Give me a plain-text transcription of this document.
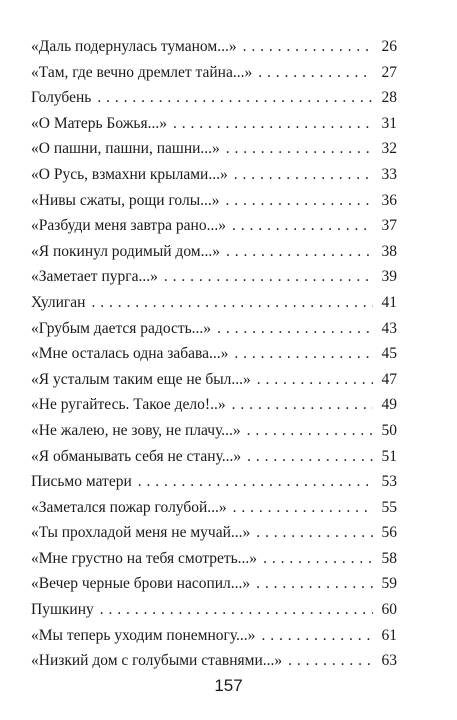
«Даль подернулась туманом...» . . .	26
«Там, где вечно дремлет тайна...» . . .	27
Голубень . . .	28
«О Матерь Божья...» . . .	31
«О пашни, пашни, пашни...» . . .	32
«О Русь, взмахни крылами...» . . .	33
«Нивы сжаты, рощи голы...» . . .	36
«Разбуди меня завтра рано...» . . .	37
«Я покинул родимый дом...» . . .	38
«Заметает пурга...» . . .	39
Хулиган . . .	41
«Грубым дается радость...» . . .	43
«Мне осталась одна забава...» . . .	45
«Я усталым таким еще не был...» . . .	47
«Не ругайтесь. Такое дело!..» . . .	49
«Не жалею, не зову, не плачу...» . . .	50
«Я обманывать себя не стану...» . . .	51
Письмо матери . . .	53
«Заметался пожар голубой...» . . .	55
«Ты прохладой меня не мучай...» . . .	56
«Мне грустно на тебя смотреть...» . . .	58
«Вечер черные брови насопил...» . . .	59
Пушкину . . .	60
«Мы теперь уходим понемногу...» . . .	61
«Низкий дом с голубыми ставнями...» . . .	63
157
